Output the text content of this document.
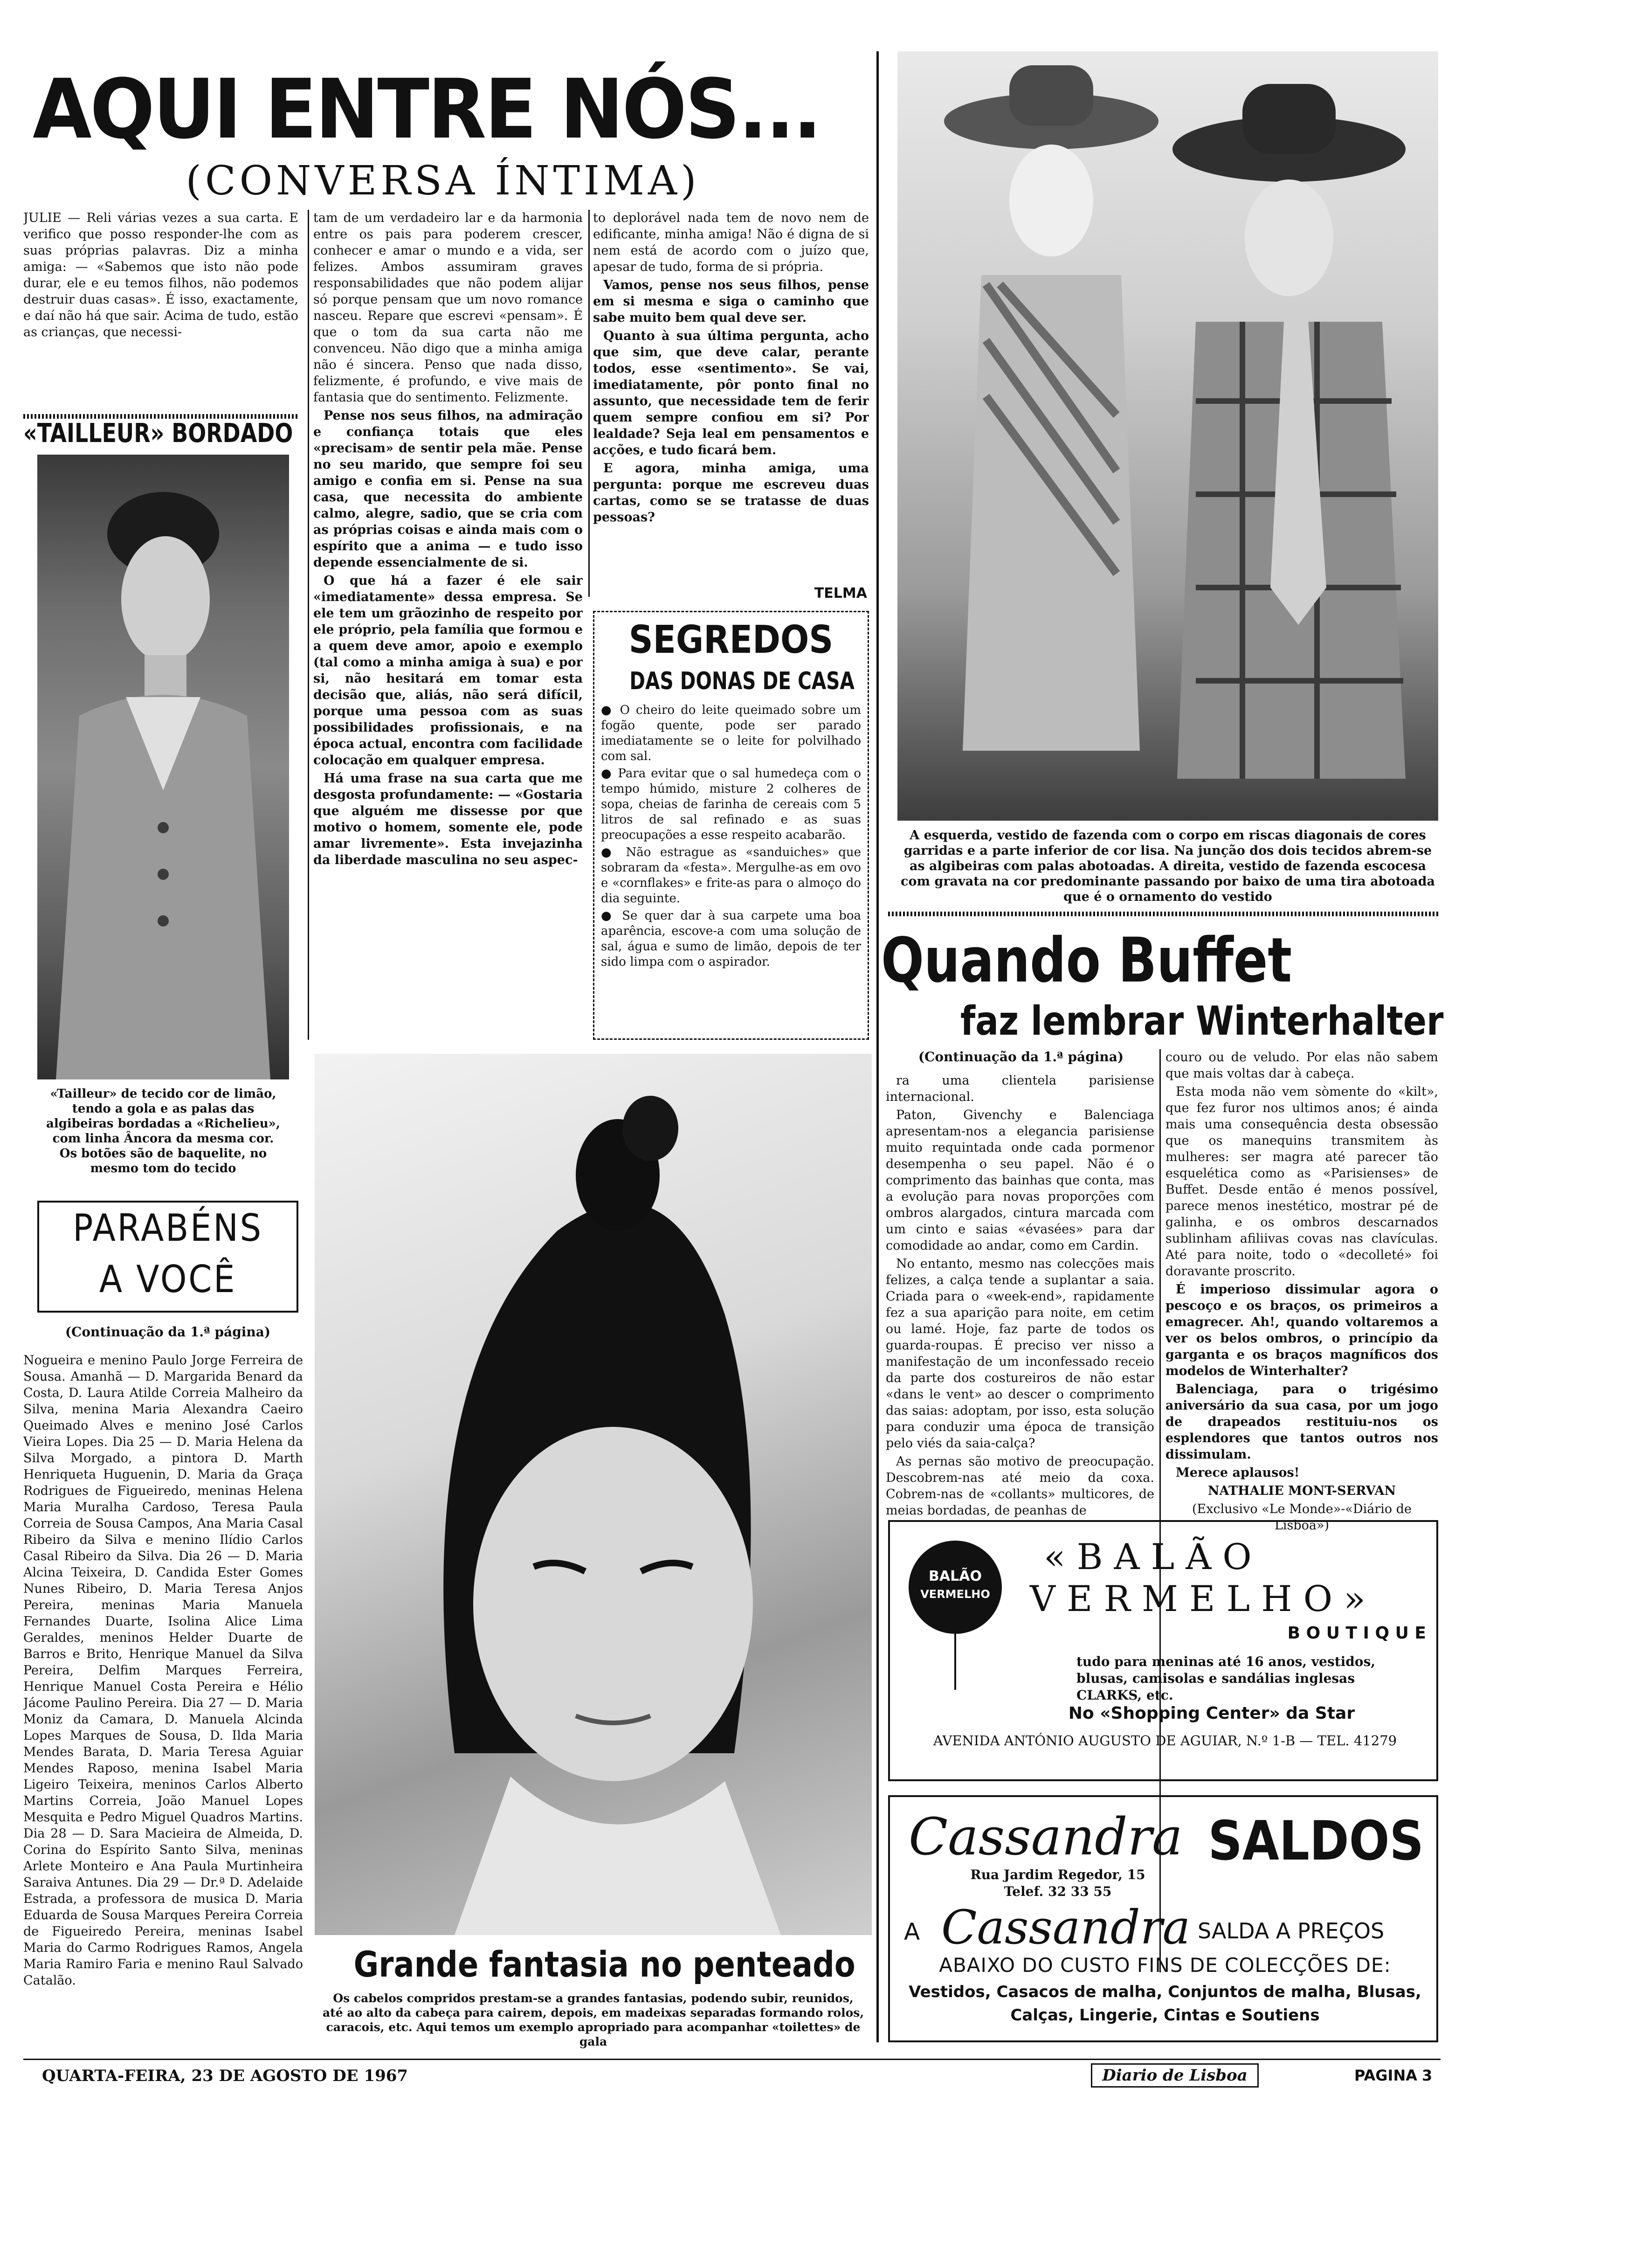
AQUI ENTRE NÓS...
(CONVERSA ÍNTIMA)

JULIE — Reli várias vezes a sua carta. E verifico que posso responder-lhe com as suas próprias palavras. Diz a minha amiga: — «Sabemos que isto não pode durar, ele e eu temos filhos, não podemos destruir duas casas». É isso, exactamente, e daí não há que sair. Acima de tudo, estão as crianças, que necessi-

tam de um verdadeiro lar e da harmonia entre os pais para poderem crescer, conhecer e amar o mundo e a vida, ser felizes. Ambos assumiram graves responsabilidades que não podem alijar só porque pensam que um novo romance nasceu. Repare que escrevi «pensam». É que o tom da sua carta não me convenceu. Não digo que a minha amiga não é sincera. Penso que nada disso, felizmente, é profundo, e vive mais de fantasia que do sentimento. Felizmente.

Pense nos seus filhos, na admiração e confiança totais que eles «precisam» de sentir pela mãe. Pense no seu marido, que sempre foi seu amigo e confia em si. Pense na sua casa, que necessita do ambiente calmo, alegre, sadio, que se cria com as próprias coisas e ainda mais com o espírito que a anima — e tudo isso depende essencialmente de si.

O que há a fazer é ele sair «imediatamente» dessa empresa. Se ele tem um grãozinho de respeito por ele próprio, pela família que formou e a quem deve amor, apoio e exemplo (tal como a minha amiga à sua) e por si, não hesitará em tomar esta decisão que, aliás, não será difícil, porque uma pessoa com as suas possibilidades profissionais, e na época actual, encontra com facilidade colocação em qualquer empresa.

Há uma frase na sua carta que me desgosta profundamente: — «Gostaria que alguém me dissesse por que motivo o homem, somente ele, pode amar livremente». Esta invejazinha da liberdade masculina no seu aspec-

to deplorável nada tem de novo nem de edificante, minha amiga! Não é digna de si nem está de acordo com o juízo que, apesar de tudo, forma de si própria.

Vamos, pense nos seus filhos, pense em si mesma e siga o caminho que sabe muito bem qual deve ser.

Quanto à sua última pergunta, acho que sim, que deve calar, perante todos, esse «sentimento». Se vai, imediatamente, pôr ponto final no assunto, que necessidade tem de ferir quem sempre confiou em si? Por lealdade? Seja leal em pensamentos e acções, e tudo ficará bem.

E agora, minha amiga, uma pergunta: porque me escreveu duas cartas, como se se tratasse de duas pessoas?

TELMA
«TAILLEUR» BORDADO
«Tailleur» de tecido cor de limão, tendo a gola e as palas das algibeiras bordadas a «Richelieu», com linha Âncora da mesma cor. Os botões são de baquelite, no mesmo tom do tecido
PARABÉNS
A VOCÊ
(Continuação da 1.ª página)

Nogueira e menino Paulo Jorge Ferreira de Sousa. Amanhã — D. Margarida Benard da Costa, D. Laura Atilde Correia Malheiro da Silva, menina Maria Alexandra Caeiro Queimado Alves e menino José Carlos Vieira Lopes. Dia 25 — D. Maria Helena da Silva Morgado, a pintora D. Marth Henriqueta Huguenin, D. Maria da Graça Rodrigues de Figueiredo, meninas Helena Maria Muralha Cardoso, Teresa Paula Correia de Sousa Campos, Ana Maria Casal Ribeiro da Silva e menino Ilídio Carlos Casal Ribeiro da Silva. Dia 26 — D. Maria Alcina Teixeira, D. Candida Ester Gomes Nunes Ribeiro, D. Maria Teresa Anjos Pereira, meninas Maria Manuela Fernandes Duarte, Isolina Alice Lima Geraldes, meninos Helder Duarte de Barros e Brito, Henrique Manuel da Silva Pereira, Delfim Marques Ferreira, Henrique Manuel Costa Pereira e Hélio Jácome Paulino Pereira. Dia 27 — D. Maria Moniz da Camara, D. Manuela Alcinda Lopes Marques de Sousa, D. Ilda Maria Mendes Barata, D. Maria Teresa Aguiar Mendes Raposo, menina Isabel Maria Ligeiro Teixeira, meninos Carlos Alberto Martins Correia, João Manuel Lopes Mesquita e Pedro Miguel Quadros Martins. Dia 28 — D. Sara Macieira de Almeida, D. Corina do Espírito Santo Silva, meninas Arlete Monteiro e Ana Paula Murtinheira Saraiva Antunes. Dia 29 — Dr.ª D. Adelaide Estrada, a professora de musica D. Maria Eduarda de Sousa Marques Pereira Correia de Figueiredo Pereira, meninas Isabel Maria do Carmo Rodrigues Ramos, Angela Maria Ramiro Faria e menino Raul Salvado Catalão.

SEGREDOS
DAS DONAS DE CASA

● O cheiro do leite queimado sobre um fogão quente, pode ser parado imediatamente se o leite for polvilhado com sal.

● Para evitar que o sal humedeça com o tempo húmido, misture 2 colheres de sopa, cheias de farinha de cereais com 5 litros de sal refinado e as suas preocupações a esse respeito acabarão.

● Não estrague as «sanduiches» que sobraram da «festa». Mergulhe-as em ovo e «cornflakes» e frite-as para o almoço do dia seguinte.

● Se quer dar à sua carpete uma boa aparência, escove-a com uma solução de sal, água e sumo de limão, depois de ter sido limpa com o aspirador.

Grande fantasia no penteado
Os cabelos compridos prestam-se a grandes fantasias, podendo subir, reunidos, até ao alto da cabeça para cairem, depois, em madeixas separadas formando rolos, caracois, etc. Aqui temos um exemplo apropriado para acompanhar «toilettes» de gala
A esquerda, vestido de fazenda com o corpo em riscas diagonais de cores garridas e a parte inferior de cor lisa. Na junção dos dois tecidos abrem-se as algibeiras com palas abotoadas. A direita, vestido de fazenda escocesa com gravata na cor predominante passando por baixo de uma tira abotoada que é o ornamento do vestido
Quando Buffet
faz lembrar Winterhalter
(Continuação da 1.ª página)

ra uma clientela parisiense internacional.

Paton, Givenchy e Balenciaga apresentam-nos a elegancia parisiense muito requintada onde cada pormenor desempenha o seu papel. Não é o comprimento das bainhas que conta, mas a evolução para novas proporções com ombros alargados, cintura marcada com um cinto e saias «évasées» para dar comodidade ao andar, como em Cardin.

No entanto, mesmo nas colecções mais felizes, a calça tende a suplantar a saia. Criada para o «week-end», rapidamente fez a sua aparição para noite, em cetim ou lamé. Hoje, faz parte de todos os guarda-roupas. É preciso ver nisso a manifestação de um inconfessado receio da parte dos costureiros de não estar «dans le vent» ao descer o comprimento das saias: adoptam, por isso, esta solução para conduzir uma época de transição pelo viés da saia-calça?

As pernas são motivo de preocupação. Descobrem-nas até meio da coxa. Cobrem-nas de «collants» multicores, de meias bordadas, de peanhas de

couro ou de veludo. Por elas não sabem que mais voltas dar à cabeça.

Esta moda não vem sòmente do «kilt», que fez furor nos ultimos anos; é ainda mais uma consequência desta obsessão que os manequins transmitem às mulheres: ser magra até parecer tão esquelética como as «Parisienses» de Buffet. Desde então é menos possível, parece menos inestético, mostrar pé de galinha, e os ombros descarnados sublinham afiliivas covas nas clavículas. Até para noite, todo o «decolleté» foi doravante proscrito.

É imperioso dissimular agora o pescoço e os braços, os primeiros a emagrecer. Ah!, quando voltaremos a ver os belos ombros, o princípio da garganta e os braços magníficos dos modelos de Winterhalter?

Balenciaga, para o trigésimo aniversário da sua casa, por um jogo de drapeados restituiu-nos os esplendores que tantos outros nos dissimulam.

Merece aplausos!

NATHALIE MONT-SERVAN

(Exclusivo «Le Monde»-«Diário de Lisboa»)

BALÃO
VERMELHO
« B A L Ã O
V E R M E L H O »
B O U T I Q U E
tudo para meninas até 16 anos, vestidos, blusas, camisolas e sandálias inglesas CLARKS, etc.
No «Shopping Center» da Star
AVENIDA ANTÓNIO AUGUSTO DE AGUIAR, N.º 1-B — TEL. 41279
Cassandra SALDOS
Rua Jardim Regedor, 15
Telef. 32 33 55
A Cassandra SALDA A PREÇOS
ABAIXO DO CUSTO FINS DE COLECÇÕES DE:
Vestidos, Casacos de malha, Conjuntos de malha, Blusas,
Calças, Lingerie, Cintas e Soutiens
QUARTA-FEIRA, 23 DE AGOSTO DE 1967	Diario de Lisboa	PAGINA 3
